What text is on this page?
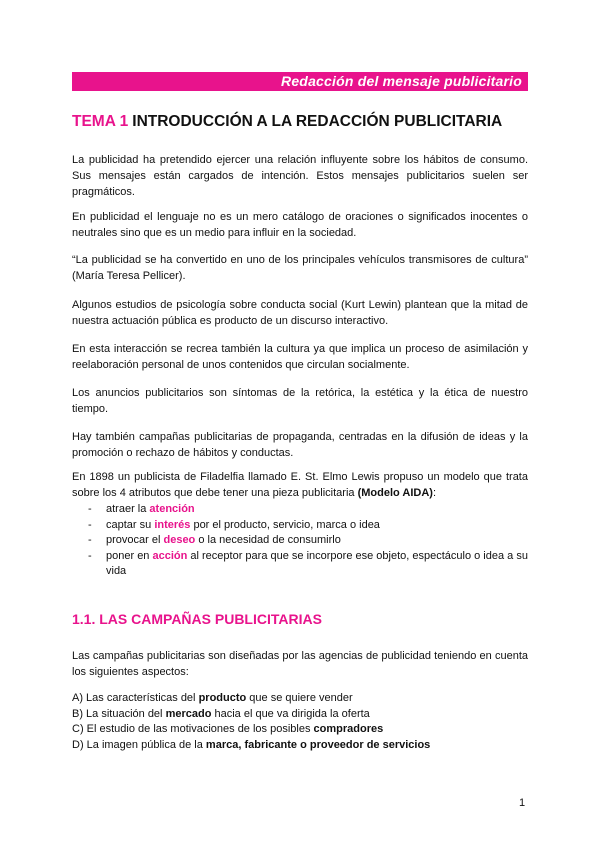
Redacción del mensaje publicitario
TEMA 1 INTRODUCCIÓN A LA REDACCIÓN PUBLICITARIA

La publicidad ha pretendido ejercer una relación influyente sobre los hábitos de consumo. Sus mensajes están cargados de intención. Estos mensajes publicitarios suelen ser pragmáticos.

En publicidad el lenguaje no es un mero catálogo de oraciones o significados inocentes o neutrales sino que es un medio para influir en la sociedad.

“La publicidad se ha convertido en uno de los principales vehículos transmisores de cultura” (María Teresa Pellicer).

Algunos estudios de psicología sobre conducta social (Kurt Lewin) plantean que la mitad de nuestra actuación pública es producto de un discurso interactivo.

En esta interacción se recrea también la cultura ya que implica un proceso de asimilación y reelaboración personal de unos contenidos que circulan socialmente.

Los anuncios publicitarios son síntomas de la retórica, la estética y la ética de nuestro tiempo.

Hay también campañas publicitarias de propaganda, centradas en la difusión de ideas y la promoción o rechazo de hábitos y conductas.

En 1898 un publicista de Filadelfia llamado E. St. Elmo Lewis propuso un modelo que trata sobre los 4 atributos que debe tener una pieza publicitaria (Modelo AIDA):

- atraer la atención
- captar su interés por el producto, servicio, marca o idea
- provocar el deseo o la necesidad de consumirlo
- poner en acción al receptor para que se incorpore ese objeto, espectáculo o idea a su vida
1.1. LAS CAMPAÑAS PUBLICITARIAS

Las campañas publicitarias son diseñadas por las agencias de publicidad teniendo en cuenta los siguientes aspectos:

A) Las características del producto que se quiere vender
B) La situación del mercado hacia el que va dirigida la oferta
C) El estudio de las motivaciones de los posibles compradores
D) La imagen pública de la marca, fabricante o proveedor de servicios
1
